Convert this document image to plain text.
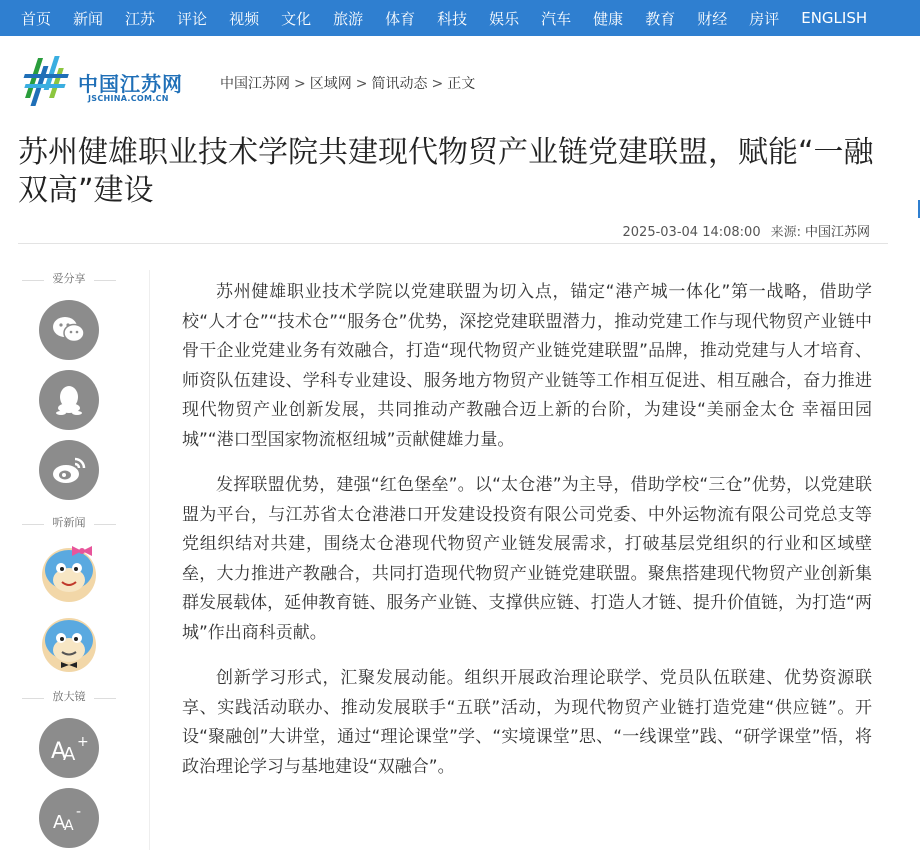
首页 新闻 江苏 评论 视频 文化 旅游 体育 科技 娱乐 汽车 健康 教育 财经 房评 ENGLISH
中国江苏网
JSCHINA.COM.CN
中国江苏网 > 区域网 > 简讯动态 > 正文
苏州健雄职业技术学院共建现代物贸产业链党建联盟，赋能“一融双高”建设
2025-03-04 14:08:00 来源: 中国江苏网
爱分享
听新闻
放大镜
A
A
+
A
A
-

苏州健雄职业技术学院以党建联盟为切入点，锚定“港产城一体化”第一战略，借助学校“人才仓”“技术仓”“服务仓”优势，深挖党建联盟潜力，推动党建工作与现代物贸产业链中骨干企业党建业务有效融合，打造“现代物贸产业链党建联盟”品牌，推动党建与人才培育、师资队伍建设、学科专业建设、服务地方物贸产业链等工作相互促进、相互融合，奋力推进现代物贸产业创新发展，共同推动产教融合迈上新的台阶，为建设“美丽金太仓 幸福田园城”“港口型国家物流枢纽城”贡献健雄力量。

发挥联盟优势，建强“红色堡垒”。以“太仓港”为主导，借助学校“三仓”优势，以党建联盟为平台，与江苏省太仓港港口开发建设投资有限公司党委、中外运物流有限公司党总支等党组织结对共建，围绕太仓港现代物贸产业链发展需求，打破基层党组织的行业和区域壁垒，大力推进产教融合，共同打造现代物贸产业链党建联盟。聚焦搭建现代物贸产业创新集群发展载体，延伸教育链、服务产业链、支撑供应链、打造人才链、提升价值链，为打造“两城”作出商科贡献。

创新学习形式，汇聚发展动能。组织开展政治理论联学、党员队伍联建、优势资源联享、实践活动联办、推动发展联手“五联”活动，为现代物贸产业链打造党建“供应链”。开设“聚融创”大讲堂，通过“理论课堂”学、“实境课堂”思、“一线课堂”践、“研学课堂”悟，将政治理论学习与基地建设“双融合”。
